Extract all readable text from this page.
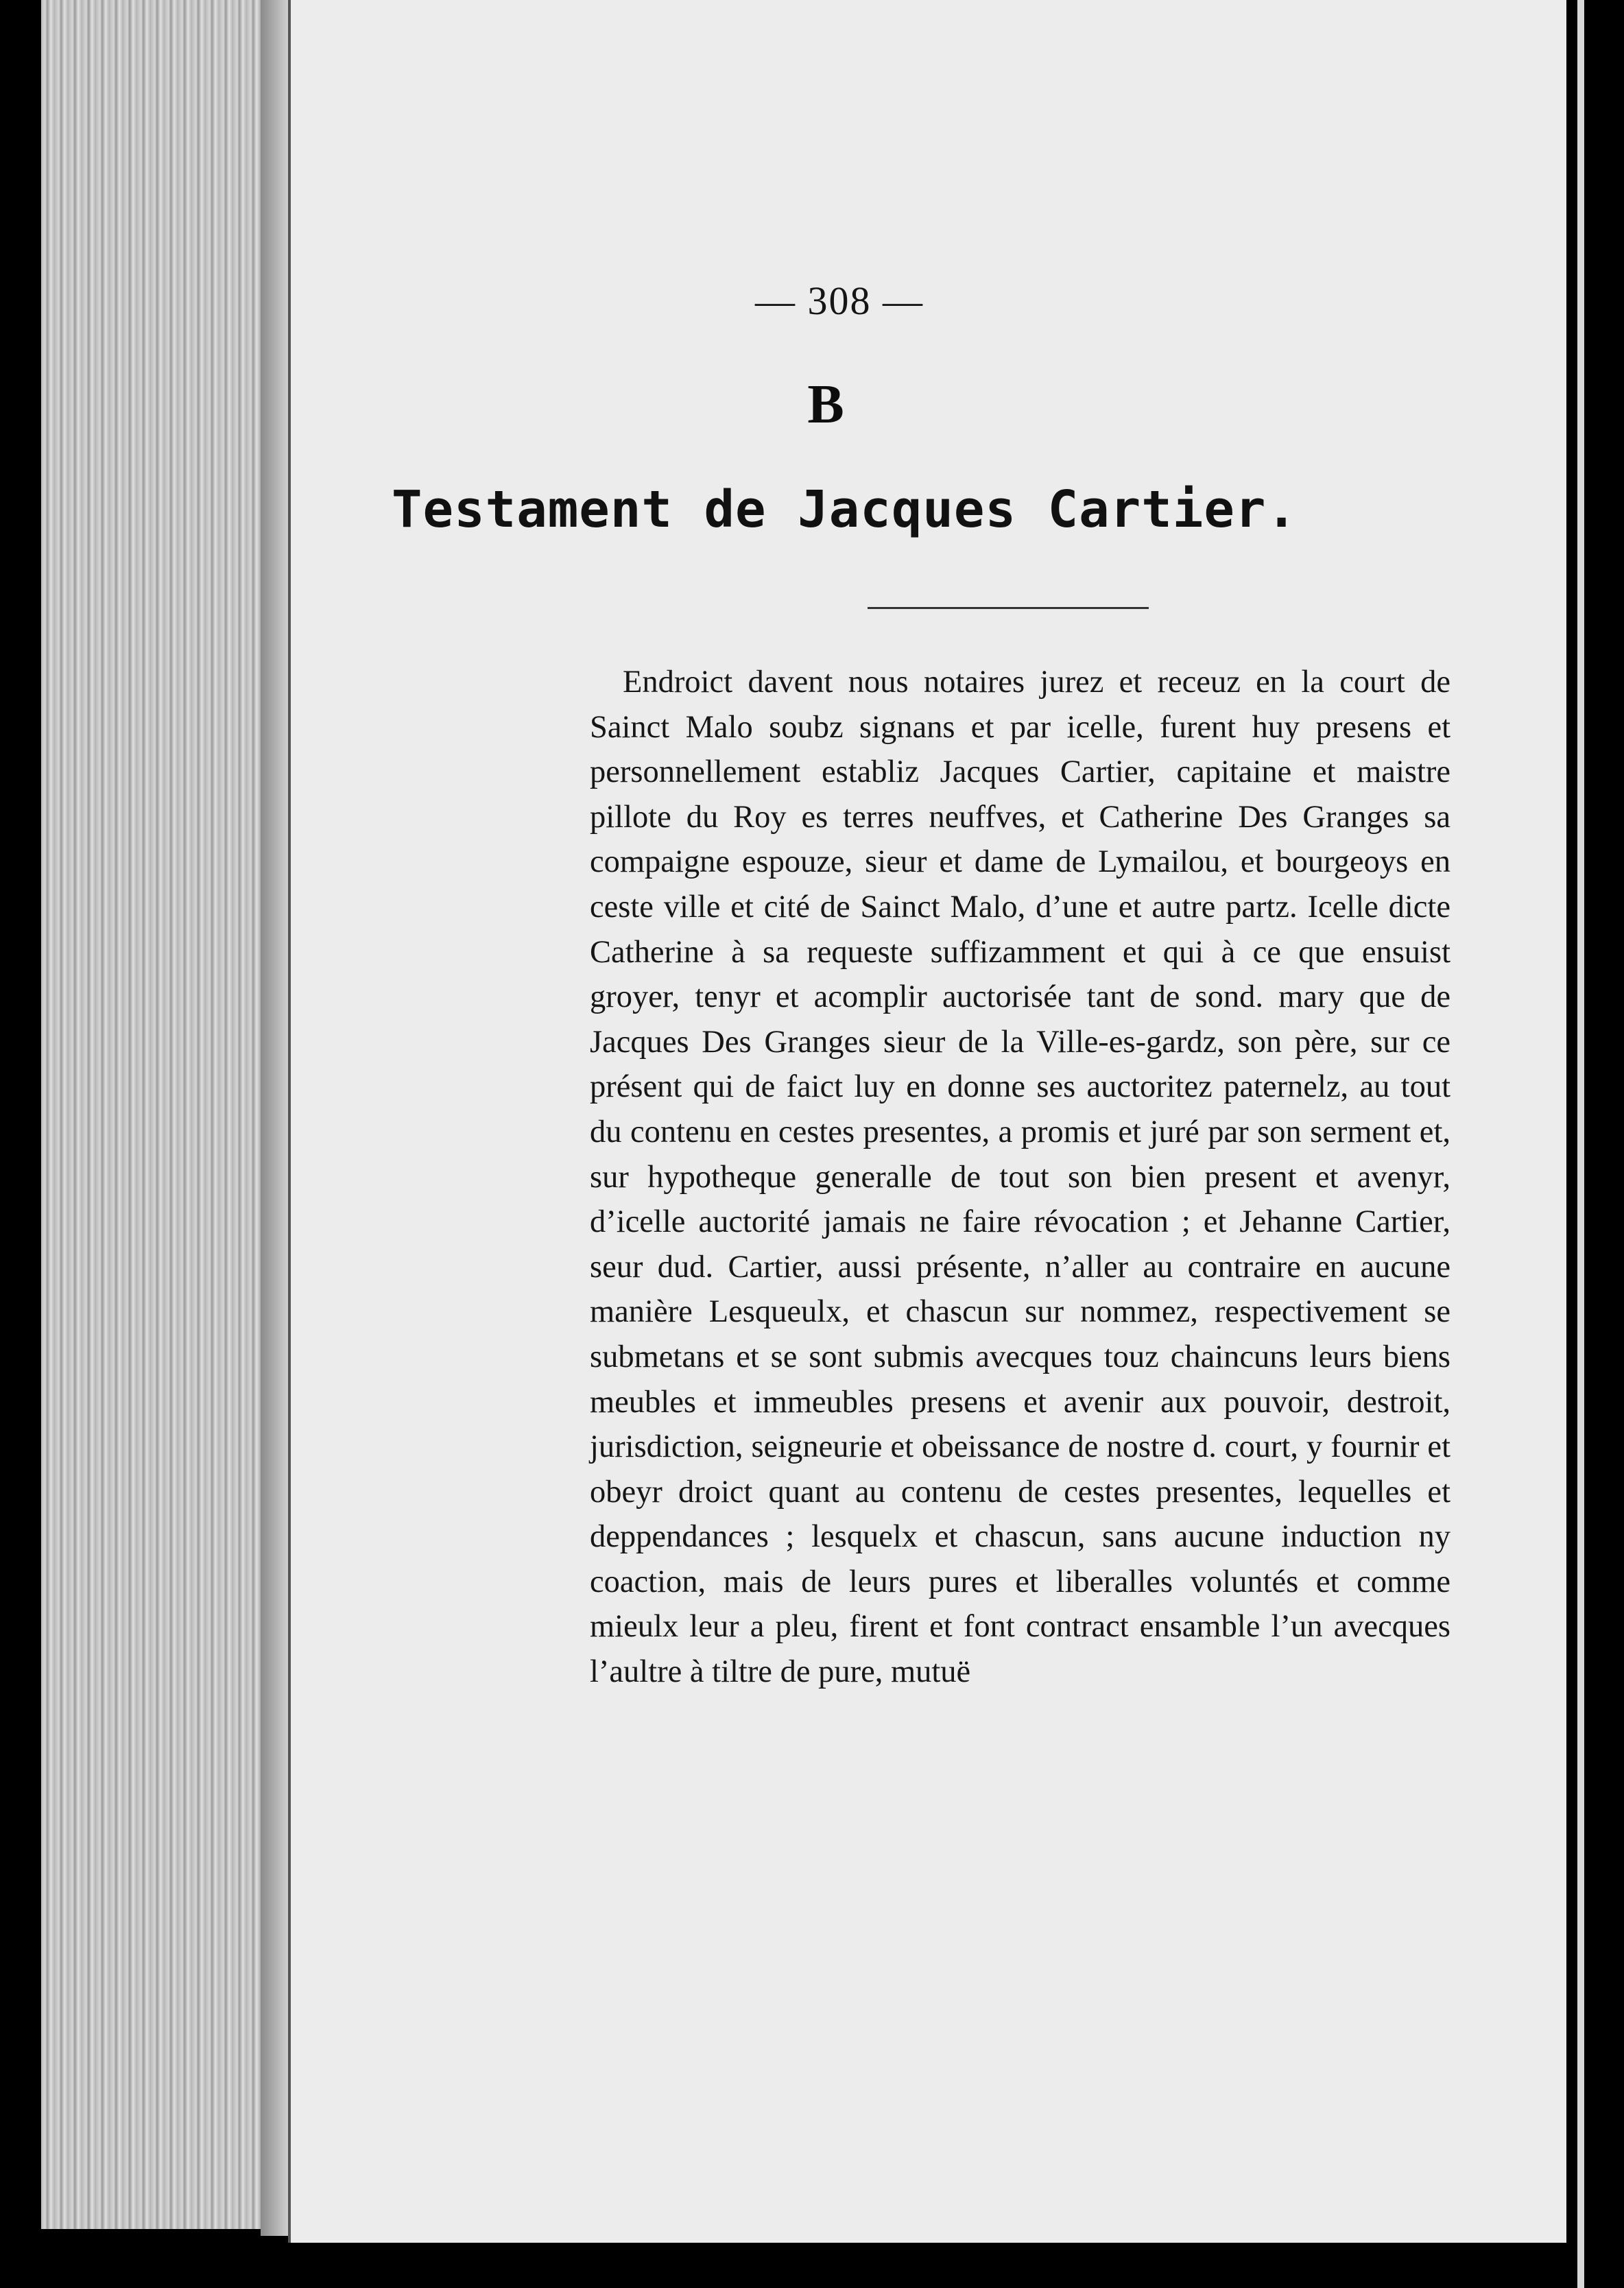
— 308 —
B
Testament de Jacques Cartier.

Endroict davent nous notaires jurez et receuz en la court de Sainct Malo soubz signans et par icelle, furent huy presens et personnellement establiz Jacques Cartier, capitaine et maistre pillote du Roy es terres neuffves, et Catherine Des Granges sa compaigne espouze, sieur et dame de Lymailou, et bourgeoys en ceste ville et cité de Sainct Malo, d’une et autre partz. Icelle dicte Catherine à sa requeste suffizamment et qui à ce que ensuist groyer, tenyr et acomplir auctorisée tant de sond. mary que de Jacques Des Granges sieur de la Ville-es-gardz, son père, sur ce présent qui de faict luy en donne ses auctoritez paternelz, au tout du contenu en cestes presentes, a promis et juré par son serment et, sur hypotheque generalle de tout son bien present et avenyr, d’icelle auctorité jamais ne faire révocation ; et Jehanne Cartier, seur dud. Cartier, aussi présente, n’aller au contraire en aucune manière Lesqueulx, et chascun sur nommez, respectivement se submetans et se sont submis avecques touz chaincuns leurs biens meubles et immeubles presens et avenir aux pouvoir, destroit, jurisdiction, seigneurie et obeissance de nostre d. court, y fournir et obeyr droict quant au contenu de cestes presentes, lequelles et deppendances ; lesquelx et chascun, sans aucune induction ny coaction, mais de leurs pures et liberalles voluntés et comme mieulx leur a pleu, firent et font contract ensamble l’un avecques l’aultre à tiltre de pure, mutuë
